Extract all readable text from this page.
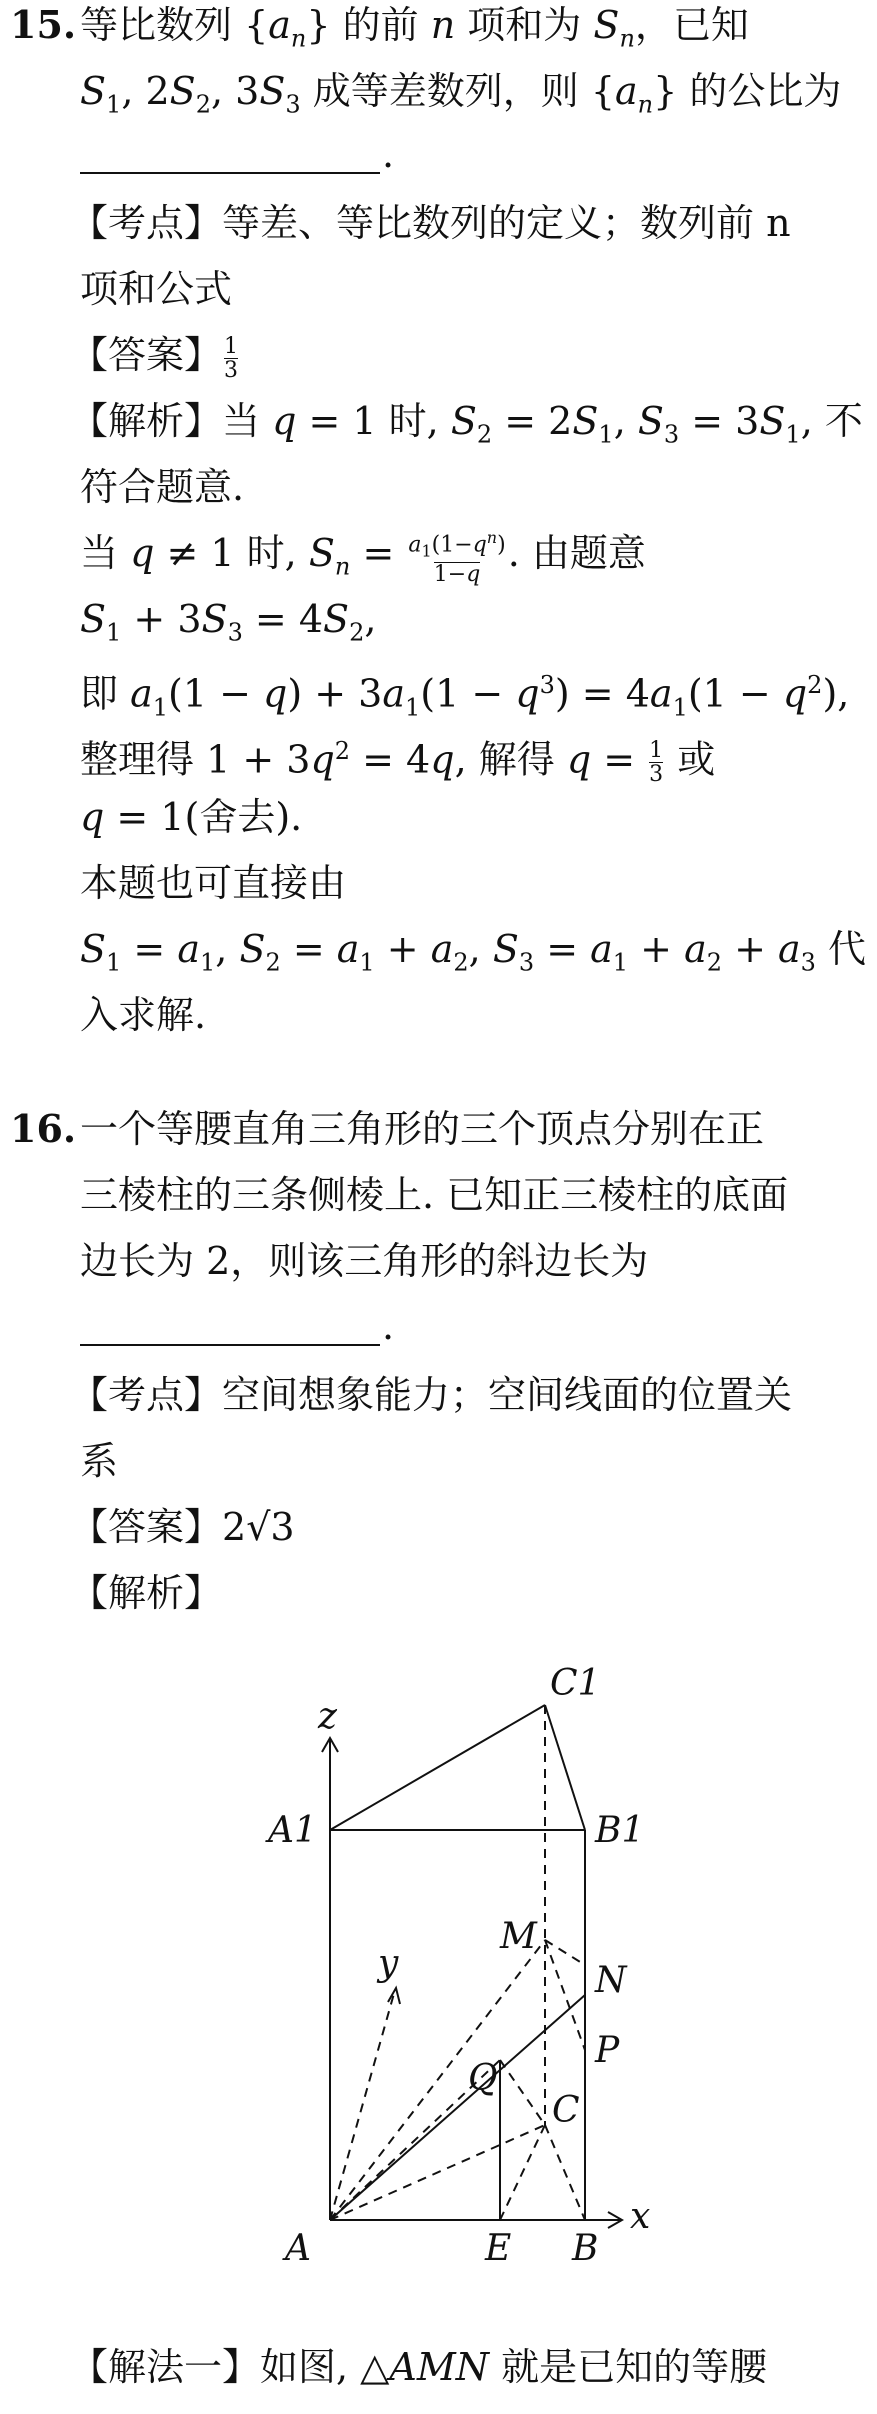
15. 等比数列 $\{a_n\}$ 的前 n 项和为 $S_n$，已知
$S_1$, $2S_2$, $3S_3$ 成等差数列，则 $\{a_n\}$ 的公比为
.
【考点】等差、等比数列的定义；数列前 n
项和公式
【答案】 $\frac{1}{3}$
【解析】当 q = 1 时, $S_2 = 2S_1$, $S_3 = 3S_1$, 不
符合题意.
当 q ≠ 1 时, $S_n = \frac{a_1(1-q^n)}{1-q}$ . 由题意
$S_1 + 3S_3 = 4S_2$,
即 $a_1(1 - q) + 3a_1(1 - q^3) = 4a_1(1 - q^2)$,
整理得 $1 + 3q^2 = 4q$, 解得 $q = \frac{1}{3}$ 或
q = 1(舍去).
本题也可直接由
$S_1 = a_1$, $S_2 = a_1 + a_2$, $S_3 = a_1 + a_2 + a_3$ 代
入求解.
16. 一个等腰直角三角形的三个顶点分别在正
三棱柱的三条侧棱上. 已知正三棱柱的底面
边长为 2，则该三角形的斜边长为
.
【考点】空间想象能力；空间线面的位置关
系
【答案】2√3
【解析】
C1
A1	B1
z
y
x
M
N
P
Q
C
A	E B
【解法一】如图, △AMN 就是已知的等腰
